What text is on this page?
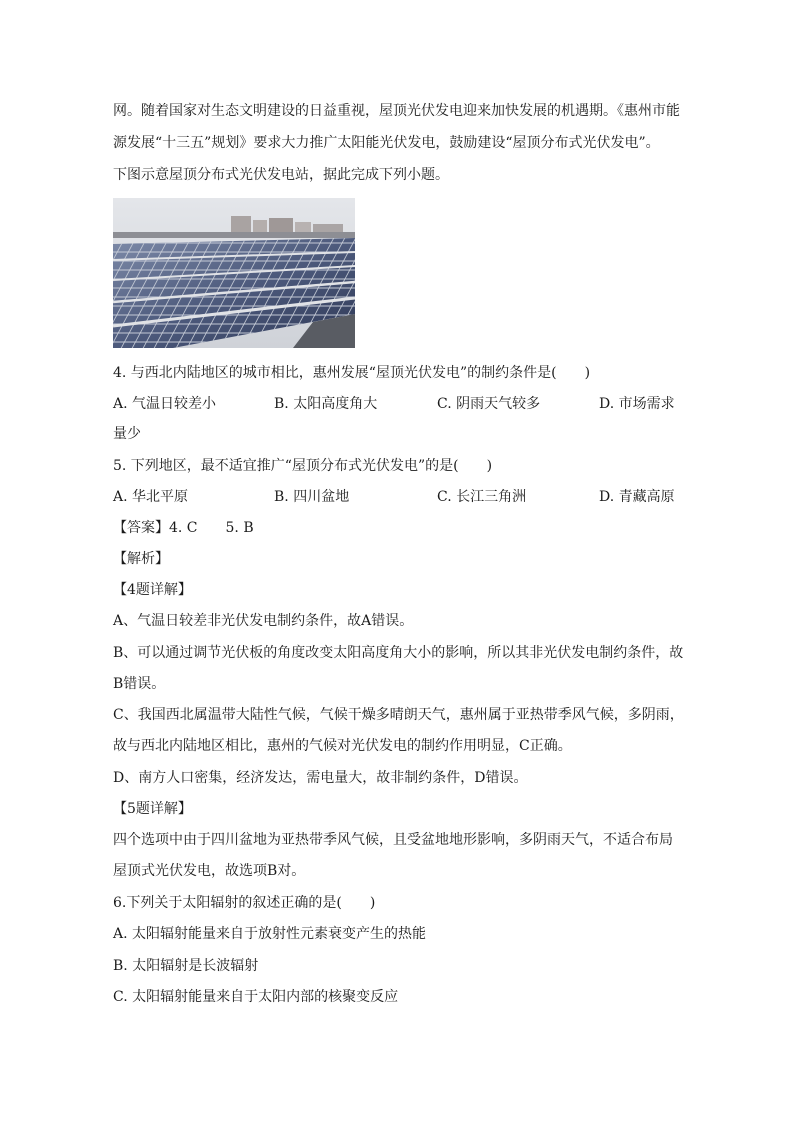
网。随着国家对生态文明建设的日益重视，屋顶光伏发电迎来加快发展的机遇期。《惠州市能
源发展“十三五”规划》要求大力推广太阳能光伏发电，鼓励建设“屋顶分布式光伏发电”。
下图示意屋顶分布式光伏发电站，据此完成下列小题。
4. 与西北内陆地区的城市相比，惠州发展“屋顶光伏发电”的制约条件是(　　)
A. 气温日较差小	B. 太阳高度角大	C. 阴雨天气较多	D. 市场需求
量少
5. 下列地区，最不适宜推广“屋顶分布式光伏发电”的是(　　)
A. 华北平原	B. 四川盆地	C. 长江三角洲	D. 青藏高原
【答案】4. C　　5. B
【解析】
【4题详解】
A、气温日较差非光伏发电制约条件，故A错误。
B、可以通过调节光伏板的角度改变太阳高度角大小的影响，所以其非光伏发电制约条件，故
B错误。
C、我国西北属温带大陆性气候，气候干燥多晴朗天气，惠州属于亚热带季风气候，多阴雨，
故与西北内陆地区相比，惠州的气候对光伏发电的制约作用明显，C正确。
D、南方人口密集，经济发达，需电量大，故非制约条件，D错误。
【5题详解】
四个选项中由于四川盆地为亚热带季风气候，且受盆地地形影响，多阴雨天气，不适合布局
屋顶式光伏发电，故选项B对。
6.下列关于太阳辐射的叙述正确的是(　　)
A. 太阳辐射能量来自于放射性元素衰变产生的热能
B. 太阳辐射是长波辐射
C. 太阳辐射能量来自于太阳内部的核聚变反应
